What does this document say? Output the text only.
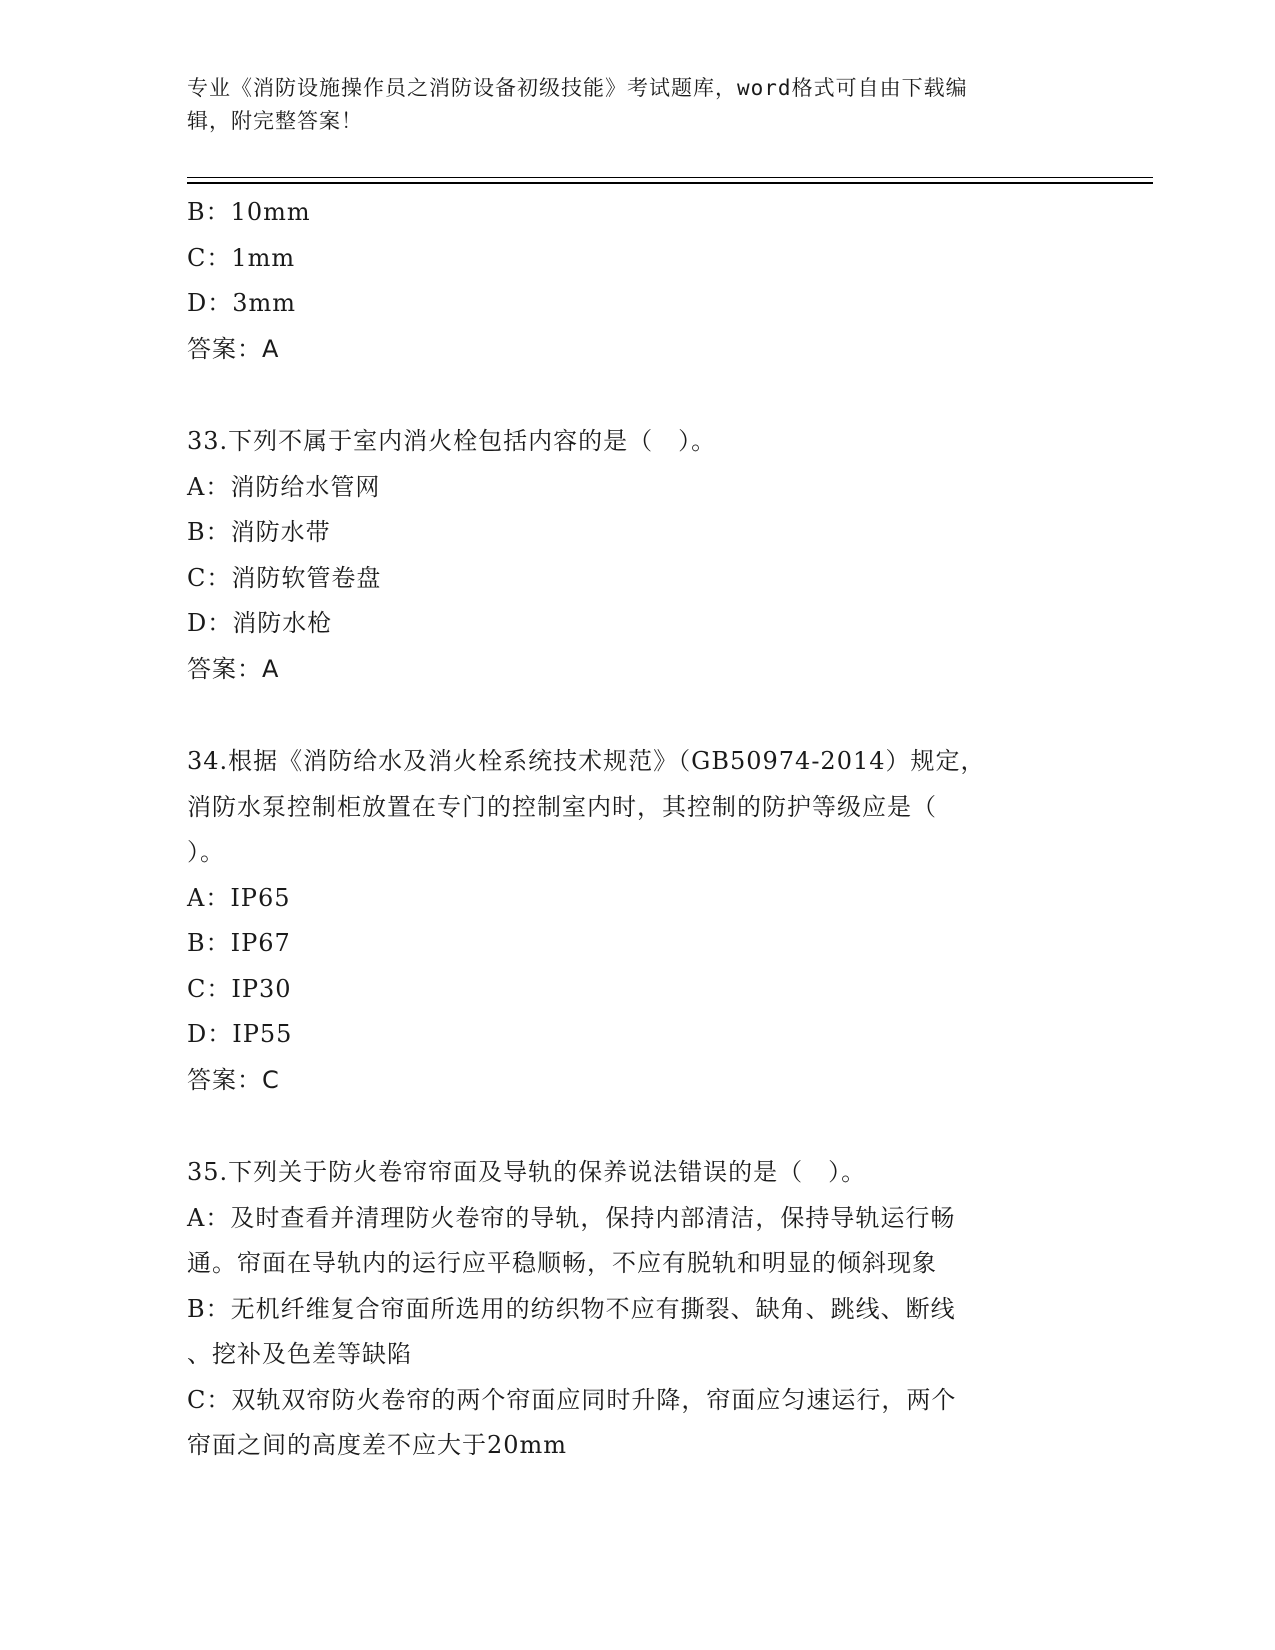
专业《消防设施操作员之消防设备初级技能》考试题库，word格式可自由下载编
辑，附完整答案！
B：10mm
C：1mm
D：3mm
答案：A
33.下列不属于室内消火栓包括内容的是（　）。
A：消防给水管网
B：消防水带
C：消防软管卷盘
D：消防水枪
答案：A
34.根据《消防给水及消火栓系统技术规范》（GB50974-2014）规定，
消防水泵控制柜放置在专门的控制室内时，其控制的防护等级应是（
）。
A：IP65
B：IP67
C：IP30
D：IP55
答案：C
35.下列关于防火卷帘帘面及导轨的保养说法错误的是（　）。
A：及时查看并清理防火卷帘的导轨，保持内部清洁，保持导轨运行畅
通。帘面在导轨内的运行应平稳顺畅，不应有脱轨和明显的倾斜现象
B：无机纤维复合帘面所选用的纺织物不应有撕裂、缺角、跳线、断线
、挖补及色差等缺陷
C：双轨双帘防火卷帘的两个帘面应同时升降，帘面应匀速运行，两个
帘面之间的高度差不应大于20mm
